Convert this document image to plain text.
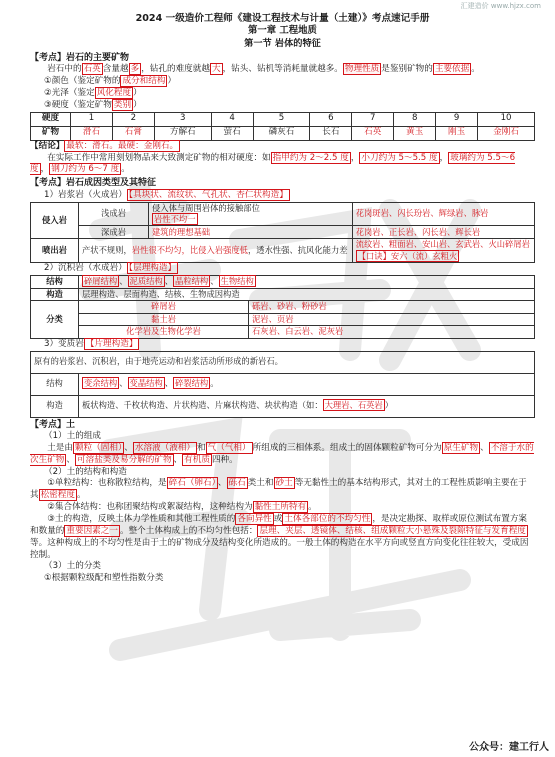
汇建造价 www.hjzx.com
2024 一级造价工程师《建设工程技术与计量（土建）》考点速记手册
第一章 工程地质
第一节 岩体的特征
【考点】岩石的主要矿物
岩石中的 石英 含量越 多 ，钻孔的难度就越 大 ，钻头、钻机等消耗量就越多。 物理性质 是鉴别矿物的 主要依据 。
①颜色（鉴定矿物的 成分和结构 ）
②光泽（鉴定 风化程度 ）
③硬度（鉴定矿物 类别 ）
硬度	1	2	3	4	5	6	7	8	9	10
矿物	滑石	石膏	方解石	萤石	磷灰石	长石	石英	黄玉	刚玉	金刚石
【结论】 最软：滑石。最硬：金刚石。
在实际工作中常用刻划物品来大致测定矿物的相对硬度：如 指甲约为 2～2.5 度 ， 小刀约为 5～5.5 度 ， 玻璃约为 5.5～6 度 ， 钢刀约为 6～7 度 。
【考点】岩石成因类型及其特征
1）岩浆岩（火成岩） 【具块状、流纹状、气孔状、杏仁状构造】
侵入岩	浅成岩	侵入体与周围岩体的接触部位
岩性不均一	花岗斑岩、闪长玢岩、辉绿岩、脉岩
	深成岩	建筑的理想基础	花岗岩、正长岩、闪长岩、辉长岩
喷出岩	产状不规则，岩性很不均匀，比侵入岩强度低，透水性强、抗风化能力差		流纹岩、粗面岩、安山岩、玄武岩、火山碎屑岩
【口诀】安六（流）玄粗火
2）沉积岩（水成岩） 【层理构造】
结构	碎屑结构 、 泥质结构 、 晶粒结构 、 生物结构	
构造	层理构造、层面构造、结核、生物成因构造	
分类	碎屑岩	砾岩、砂岩、粉砂岩
	黏土岩	泥岩、页岩
	化学岩及生物化学岩	石灰岩、白云岩、泥灰岩
3）变质岩 【片理构造】
原有的岩浆岩、沉积岩，由于地壳运动和岩浆活动所形成的新岩石。	
结构	变余结构 、 变晶结构 、 碎裂结构 。
构造	板状构造、千枚状构造、片状构造、片麻状构造、块状构造（如： 大理岩、石英岩 ）
【考点】土
（1）土的组成
土是由 颗粒（固相） 、 水溶液（液相） 和 气（气相） 所组成的三相体系。组成土的固体颗粒矿物可分为 原生矿物 、 不溶于水的次生矿物 、 可溶盐类及易分解的矿物 、 有机质 四种。
（2）土的结构和构造
①单粒结构：也称散粒结构，是 碎石（卵石） 、 砾石 类土和 砂土 等无黏性土的基本结构形式，其对土的工程性质影响主要在于其 松密程度 。
②集合体结构：也称团聚结构或絮凝结构，这种结构为 黏性土所特有 。
③土的构造，反映土体力学性质和其他工程性质的 各向异性 或 土体各部位的不均匀性 ，是决定勘探、取样或原位测试布置方案和数量的 重要因素之一 。整个土体构成上的不均匀性包括： 层理、夹层、透镜体、结核、组成颗粒大小悬殊及裂隙特征与发育程度等。这种构成上的不均匀性是由于土的矿物成分及结构变化所造成的。一般土体的构造在水平方向或竖直方向变化往往较大，受成因控制。
（3）土的分类
①根据颗粒级配和塑性指数分类
公众号：建工行人
